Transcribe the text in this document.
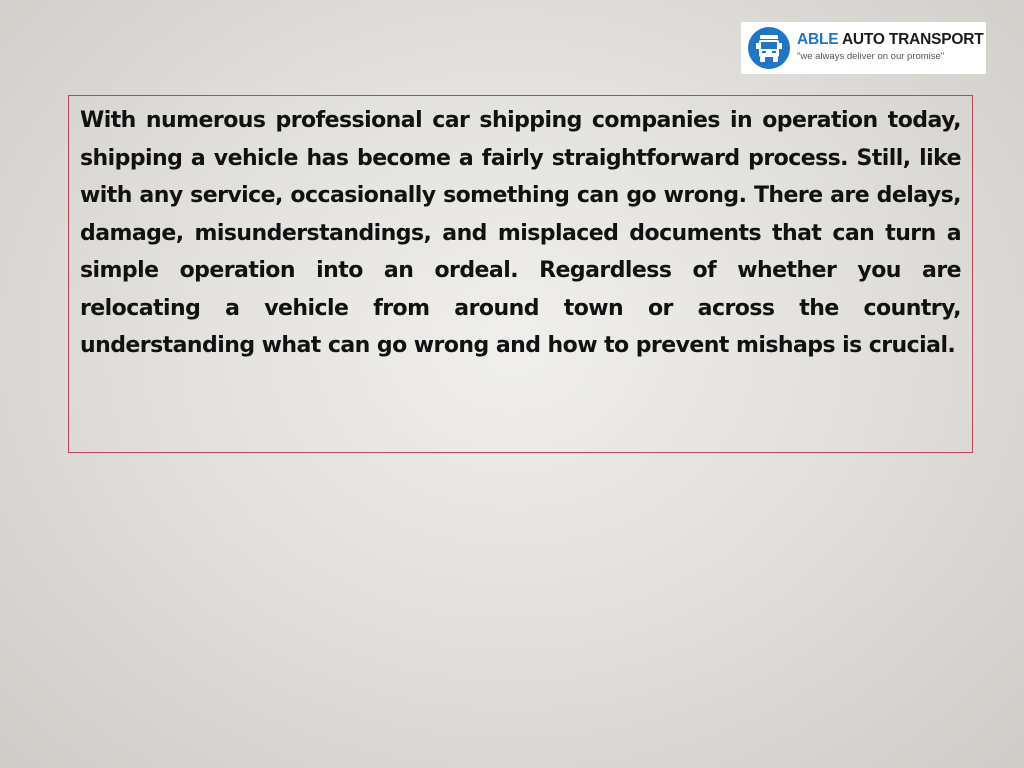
ABLE AUTO TRANSPORT
"we always deliver on our promise"

With numerous professional car shipping companies in operation today, shipping a vehicle has become a fairly straightforward process. Still, like with any service, occasionally something can go wrong. There are delays, damage, misunderstandings, and misplaced documents that can turn a simple operation into an ordeal. Regardless of whether you are relocating a vehicle from around town or across the country, understanding what can go wrong and how to prevent mishaps is crucial.
